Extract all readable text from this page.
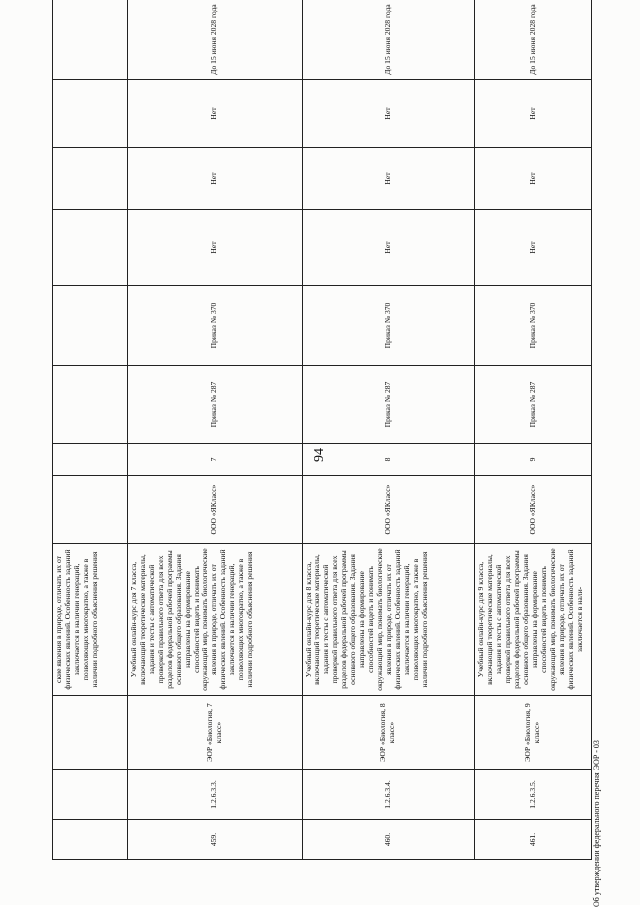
94
			ские явления в природе, отличать их от физических явлений. Особенность заданий заключается в наличии генераций, позволяющих многократно, а также в наличии подробного объяснения решения								
459.	1.2.6.3.3.	ЭОР «Биология, 7 класс»	Учебный онлайн-курс для 7 класса, включающий теоретические материалы, задания и тесты с автоматической проверкой правильного ответа для всех разделов федеральной рабочей программы основного общего образования. Задания направлены на формирование способностей видеть и понимать окружающий мир, понимать биологические явления в природе, отличать их от физических явлений. Особенность заданий заключается в наличии генераций, позволяющих многократно, а также в наличии подробного объяснения решения	ООО «ЯКласс»	7	Приказ № 287	Приказ № 370	Нет	Нет	Нет	До 15 июня 2028 года
460.	1.2.6.3.4.	ЭОР «Биология, 8 класс»	Учебный онлайн-курс для 8 класса, включающий теоретические материалы, задания и тесты с автоматической проверкой правильного ответа для всех разделов федеральной рабочей программы основного общего образования. Задания направлены на формирование способностей видеть и понимать окружающий мир, понимать биологические явления в природе, отличать их от физических явлений. Особенность заданий заключается в наличии генераций, позволяющих многократно, а также в наличии подробного объяснения решения	ООО «ЯКласс»	8	Приказ № 287	Приказ № 370	Нет	Нет	Нет	До 15 июня 2028 года
461.	1.2.6.3.5.	ЭОР «Биология, 9 класс»	Учебный онлайн-курс для 9 класса, включающий теоретические материалы, задания и тесты с автоматической проверкой правильного ответа для всех разделов федеральной рабочей программы основного общего образования. Задания направлены на формирование способностей видеть и понимать окружающий мир, понимать биологические явления в природе, отличать их от физических явлений. Особенность заданий заключается в нали-	ООО «ЯКласс»	9	Приказ № 287	Приказ № 370	Нет	Нет	Нет	До 15 июня 2028 года
Об утверждении федерального перечня ЭОР - 03
